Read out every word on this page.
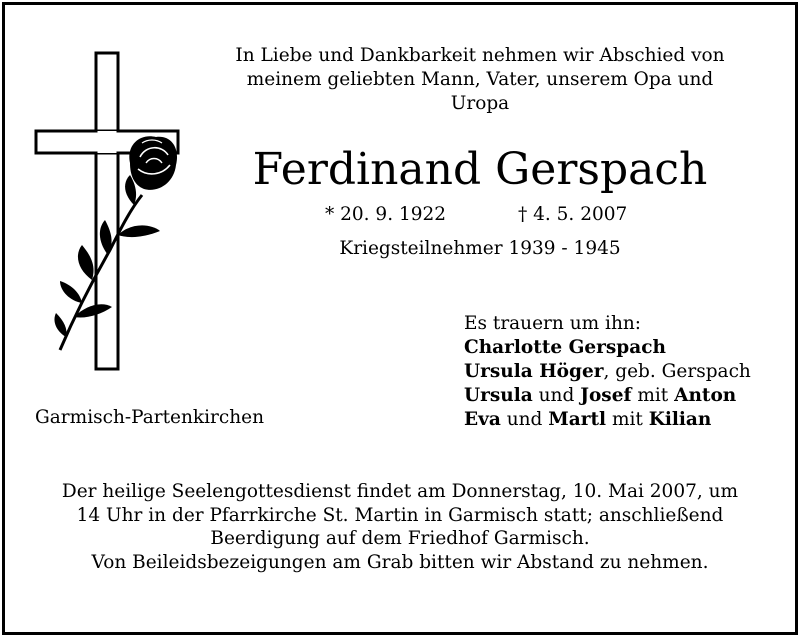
In Liebe und Dankbarkeit nehmen wir Abschied von
meinem geliebten Mann, Vater, unserem Opa und
Uropa
Ferdinand Gerspach
* 20. 9. 1922	† 4. 5. 2007
Kriegsteilnehmer 1939 - 1945
Garmisch-Partenkirchen
Es trauern um ihn:
Charlotte Gerspach
Ursula Höger, geb. Gerspach
Ursula und Josef mit Anton
Eva und Martl mit Kilian
Der heilige Seelengottesdienst findet am Donnerstag, 10. Mai 2007, um
14 Uhr in der Pfarrkirche St. Martin in Garmisch statt; anschließend
Beerdigung auf dem Friedhof Garmisch.
Von Beileidsbezeigungen am Grab bitten wir Abstand zu nehmen.
